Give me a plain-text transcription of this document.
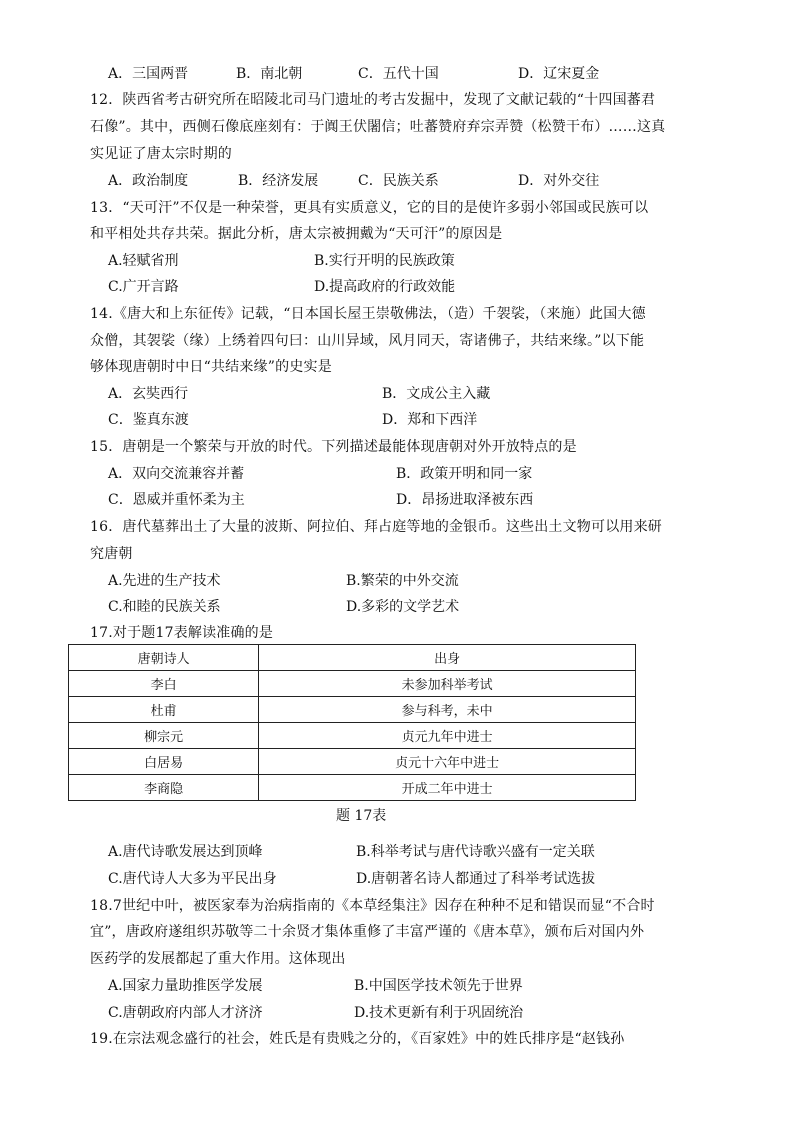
A．三国两晋	B．南北朝	C．五代十国	D．辽宋夏金
12．陕西省考古研究所在昭陵北司马门遗址的考古发掘中，发现了文献记载的“十四国蕃君
石像”。其中，西侧石像底座刻有：于阗王伏闍信；吐蕃赞府弃宗弄赞（松赞干布）……这真
实见证了唐太宗时期的
A．政治制度	B．经济发展	C．民族关系	D．对外交往
13．“天可汗”不仅是一种荣誉，更具有实质意义，它的目的是使许多弱小邻国或民族可以
和平相处共存共荣。据此分析，唐太宗被拥戴为“天可汗”的原因是
A.轻赋省刑	B.实行开明的民族政策
C.广开言路	D.提高政府的行政效能
14.《唐大和上东征传》记载，“日本国长屋王崇敬佛法，（造）千袈裟，（来施）此国大德
众僧，其袈裟（缘）上绣着四句曰：山川异域，风月同天，寄诸佛子，共结来缘。”以下能
够体现唐朝时中日“共结来缘”的史实是
A．玄奘西行	B．文成公主入藏
C．鉴真东渡	D．郑和下西洋
15．唐朝是一个繁荣与开放的时代。下列描述最能体现唐朝对外开放特点的是
A．双向交流兼容并蓄	B．政策开明和同一家
C．恩威并重怀柔为主	D．昂扬进取泽被东西
16．唐代墓葬出土了大量的波斯、阿拉伯、拜占庭等地的金银币。这些出土文物可以用来研
究唐朝
A.先进的生产技术	B.繁荣的中外交流
C.和睦的民族关系	D.多彩的文学艺术
17.对于题17表解读准确的是
唐朝诗人	出身
李白	未参加科举考试
杜甫	参与科考，未中
柳宗元	贞元九年中进士
白居易	贞元十六年中进士
李商隐	开成二年中进士
题 17表
A.唐代诗歌发展达到顶峰	B.科举考试与唐代诗歌兴盛有一定关联
C.唐代诗人大多为平民出身	D.唐朝著名诗人都通过了科举考试选拔
18.7世纪中叶，被医家奉为治病指南的《本草经集注》因存在种种不足和错误而显“不合时
宜”，唐政府遂组织苏敬等二十余贤才集体重修了丰富严谨的《唐本草》，颁布后对国内外
医药学的发展都起了重大作用。这体现出
A.国家力量助推医学发展	B.中国医学技术领先于世界
C.唐朝政府内部人才济济	D.技术更新有利于巩固统治
19.在宗法观念盛行的社会，姓氏是有贵贱之分的，《百家姓》中的姓氏排序是“赵钱孙
